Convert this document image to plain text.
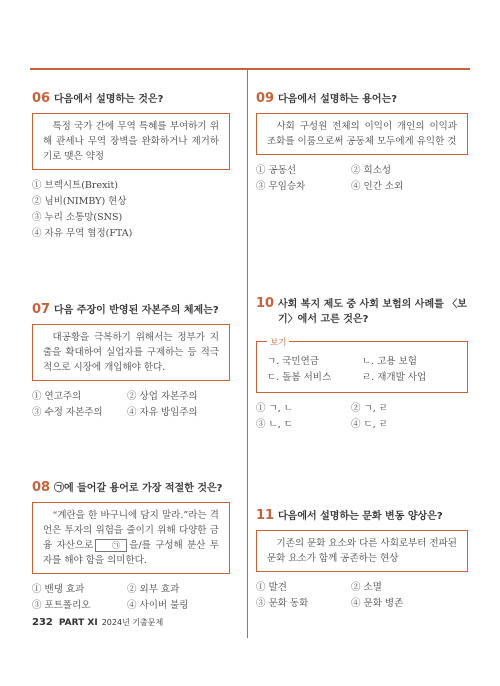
06 다음에서 설명하는 것은?
특정 국가 간에 무역 특혜를 부여하기 위해 관세나 무역 장벽을 완화하거나 제거하기로 맺은 약정
① 브렉시트(Brexit)
② 님비(NIMBY) 현상
③ 누리 소통망(SNS)
④ 자유 무역 협정(FTA)
07 다음 주장이 반영된 자본주의 체제는?
대공황을 극복하기 위해서는 정부가 지출을 확대하여 실업자를 구제하는 등 적극적으로 시장에 개입해야 한다.
① 연고주의	② 상업 자본주의
③ 수정 자본주의	④ 자유 방임주의
08 ㉠에 들어갈 용어로 가장 적절한 것은?
“계란을 한 바구니에 담지 말라.”라는 격언은 투자의 위험을 줄이기 위해 다양한 금융 자산으로 ㉠ 을/를 구성해 분산 투자를 해야 함을 의미한다.
① 밴댕 효과	② 외부 효과
③ 포트폴리오	④ 사이버 불링
09 다음에서 설명하는 용어는?
사회 구성원 전체의 이익이 개인의 이익과 조화를 이룸으로써 공동체 모두에게 유익한 것
① 공동선	② 희소성
③ 무임승차	④ 인간 소외
10 사회 복지 제도 중 사회 보험의 사례를 〈보기〉에서 고른 것은?
보기
ㄱ. 국민연금	ㄴ. 고용 보험
ㄷ. 돌봄 서비스	ㄹ. 재개발 사업
① ㄱ, ㄴ	② ㄱ, ㄹ
③ ㄴ, ㄷ	④ ㄷ, ㄹ
11 다음에서 설명하는 문화 변동 양상은?
기존의 문화 요소와 다른 사회로부터 전파된 문화 요소가 함께 공존하는 현상
① 발견	② 소멸
③ 문화 동화	④ 문화 병존
232 PART XI 2024년 기출문제
